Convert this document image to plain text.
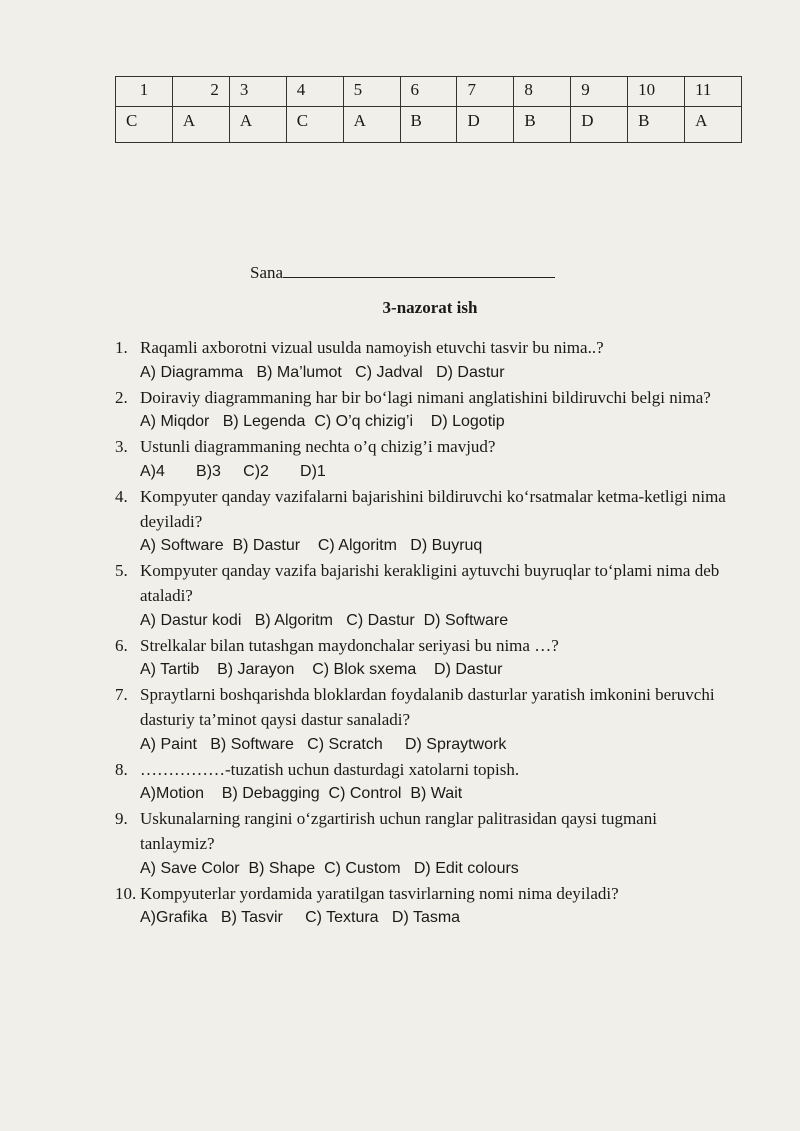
1	2	3	4	5	6	7	8	9	10	11
C	A	A	C	A	B	D	B	D	B	A
Sana
3-nazorat ish
1. Raqamli axborotni vizual usulda namoyish etuvchi tasvir bu nima..?
A) Diagramma   B) Ma’lumot   C) Jadval   D) Dastur
2. Doiraviy diagrammaning har bir bo‘lagi nimani anglatishini bildiruvchi belgi nima?
A) Miqdor   B) Legenda  C) O’q chizig’i    D) Logotip
3. Ustunli diagrammaning nechta o’q chizig’i mavjud?
A)4       B)3     C)2       D)1
4. Kompyuter qanday vazifalarni bajarishini bildiruvchi ko‘rsatmalar ketma-ketligi nima deyiladi?
A) Software  B) Dastur    C) Algoritm   D) Buyruq
5. Kompyuter qanday vazifa bajarishi kerakligini aytuvchi buyruqlar to‘plami nima deb ataladi?
A) Dastur kodi   B) Algoritm   C) Dastur  D) Software
6. Strelkalar bilan tutashgan maydonchalar seriyasi bu nima …?
A) Tartib    B) Jarayon    C) Blok sxema    D) Dastur
7. Spraytlarni boshqarishda bloklardan foydalanib dasturlar yaratish imkonini beruvchi dasturiy ta’minot qaysi dastur sanaladi?
A) Paint   B) Software   C) Scratch     D) Spraytwork
8. ……………-tuzatish uchun dasturdagi xatolarni topish.
A)Motion    B) Debagging  C) Control  B) Wait
9. Uskunalarning rangini o‘zgartirish uchun ranglar palitrasidan qaysi tugmani tanlaymiz?
A) Save Color  B) Shape  C) Custom   D) Edit colours
10. Kompyuterlar yordamida yaratilgan tasvirlarning nomi nima deyiladi?
A)Grafika   B) Tasvir     C) Textura   D) Tasma
